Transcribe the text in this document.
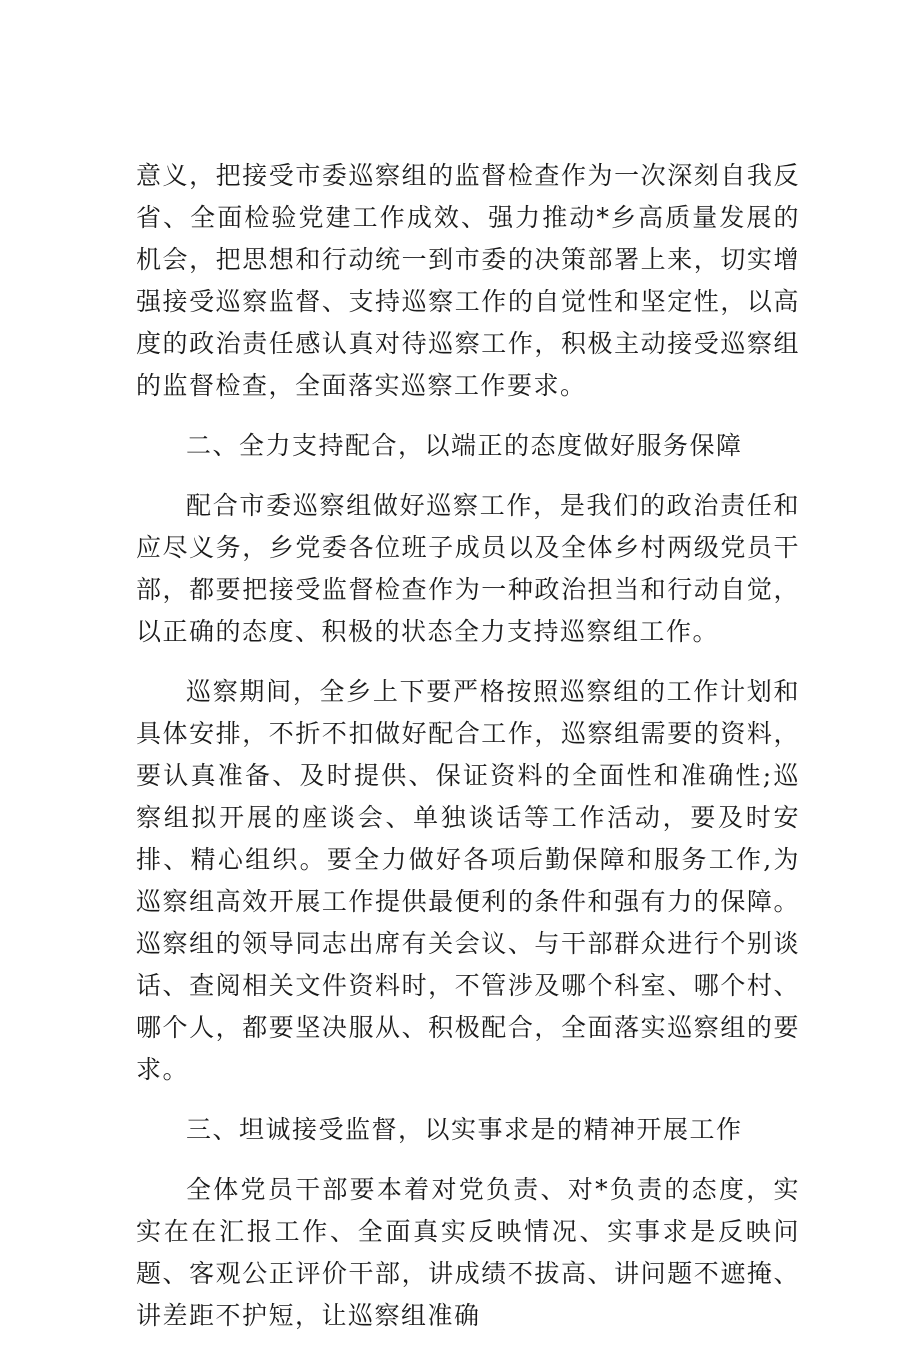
意义，把接受市委巡察组的监督检查作为一次深刻自我反省、全面检验党建工作成效、强力推动*乡高质量发展的机会，把思想和行动统一到市委的决策部署上来，切实增强接受巡察监督、支持巡察工作的自觉性和坚定性，以高度的政治责任感认真对待巡察工作，积极主动接受巡察组的监督检查，全面落实巡察工作要求。

二、全力支持配合，以端正的态度做好服务保障

配合市委巡察组做好巡察工作，是我们的政治责任和应尽义务，乡党委各位班子成员以及全体乡村两级党员干部，都要把接受监督检查作为一种政治担当和行动自觉，以正确的态度、积极的状态全力支持巡察组工作。

巡察期间，全乡上下要严格按照巡察组的工作计划和具体安排，不折不扣做好配合工作，巡察组需要的资料，要认真准备、及时提供、保证资料的全面性和准确性;巡察组拟开展的座谈会、单独谈话等工作活动，要及时安排、精心组织。要全力做好各项后勤保障和服务工作,为巡察组高效开展工作提供最便利的条件和强有力的保障。巡察组的领导同志出席有关会议、与干部群众进行个别谈话、查阅相关文件资料时，不管涉及哪个科室、哪个村、哪个人，都要坚决服从、积极配合，全面落实巡察组的要求。

三、坦诚接受监督，以实事求是的精神开展工作

全体党员干部要本着对党负责、对*负责的态度，实实在在汇报工作、全面真实反映情况、实事求是反映问题、客观公正评价干部，讲成绩不拔高、讲问题不遮掩、讲差距不护短，让巡察组准确
